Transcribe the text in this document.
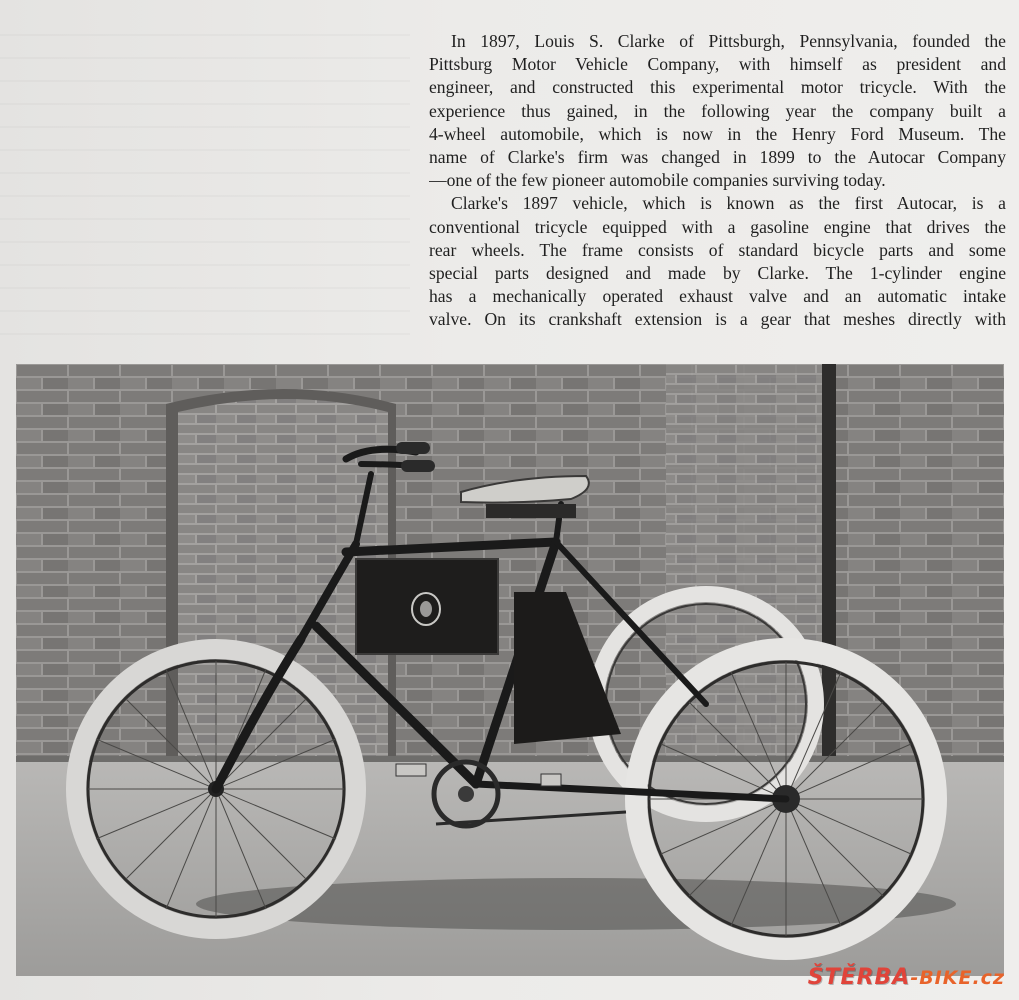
In 1897, Louis S. Clarke of Pittsburgh, Pennsylvania, founded the
Pittsburg Motor Vehicle Company, with himself as president and
engineer, and constructed this experimental motor tricycle. With the
experience thus gained, in the following year the company built a
4-wheel automobile, which is now in the Henry Ford Museum. The
name of Clarke's firm was changed in 1899 to the Autocar Company
—one of the few pioneer automobile companies surviving today.

Clarke's 1897 vehicle, which is known as the first Autocar, is a
conventional tricycle equipped with a gasoline engine that drives the
rear wheels. The frame consists of standard bicycle parts and some
special parts designed and made by Clarke. The 1-cylinder engine
has a mechanically operated exhaust valve and an automatic intake
valve. On its crankshaft extension is a gear that meshes directly with

ŠTĚRBA-BIKE.cz
